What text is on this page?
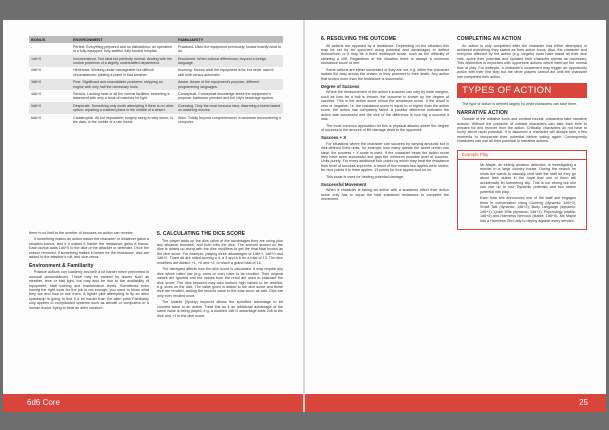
BONUS	ENVIRONMENT	FAMILIARITY
-	Perfect. Everything prepared and no distractions: an operation in a fully-equipped, fully-staffed, fully-funded hospital.	Practised. Used the equipment previously, knows exactly what to do.
1d6+0	Inconvenience. Not ideal but perfectly normal: dealing with the routine problems of a slightly understaffed department.	Encultured. When cultural differences, beyond a foreign language.
2d6+0	Hindrance. Working under manageable but difficult circumstances; piloting a plane in bad weather.	Knowing. Knows what the equipment is for but never used it; skill shift versus automatic.
3d6+0	Poor. Significant and unavoidable problems: stripping an engine with only half the necessary tools.	Aware. Aware of the equipment's purpose, different programming languages.
4d6+0	Serious. Lacking most or all the normal facilities: searching a basement with only a book of matches for light.	Conceptual. Conceptual knowledge about the equipment's purpose; bathroom plumber and the city's sewerage system.
5d6+0	Desperate. Something only worth attempting if there is no other option; repairing a crashed plane in the middle of a desert.	Guessing. Only the most tenuous idea; disarming a bomb based on watching movies.
6d6+0	Catastrophic. All but impossible; surgery using a rusty stone, in the dark, in the middle of a rain forest.	Alien. Totally beyond comprehension; a caveman encountering a computer.

there is no limit to the number of bonuses an action can receive.

If something makes an action easier the character or whatever gains a situation bonus, and if it makes it harder the resistance gains a bonus. Each bonus adds 1d6+0 to the dice of the attacker or defender. Once the reason removed, if something makes it harder for the resistance, dice are added to the attacker's roll, and vice-versa.

Environment & Familiarity

Positive actions can suddenly become a lot harder when performed in unusual circumstances. These may be caused by issues such as weather, time or bad light, but may also be due to the availability of equipment, staff training and maintenance levels. Sometimes even having the right tools for the job is not enough; you need to know what they are and how to use them. A fighter pilot attempting to fly an alien spaceship is going to find it a lot harder than the alien pilot! Familiarity only applies to complicated systems such as aircraft or computers or a human doctor trying to treat an alien creature.

5. CALCULATING THE DICE SCORE

The player adds up the dice value of the advantages they are using plus any situation bonuses, and then rolls the dice. The amount scored on the dice is added up along with the dice modifiers to get the final total known as the dice score. For example, playing three advantages of 1d6+1, 1d6+0 and 1d6+2. Three d6 are rolled scoring a 4, a 3 and a 6 for a total of 13. The dice modifiers are added: +1, +0 and +2, to reach a grand total of 16.

The disregard affects how the dice score is calculated. It may require any dice which rolled low (e.g. ones or one) have to be rerolled. Their original values are ignored and the values from the reroll are used to calculate the dice score. The dice keyword may also instruct high values to be rerolled, e.g. sixes on the dice. The value given is added to the dice score and those dice are rerolled, adding the second value to the total score as well. Dice are only ever rerolled once.

The Usable (Sporty) keyword allows the specified advantage to be counted twice in an action. Treat this as if an additional advantage of the same value is being played, e.g. a doubled 1d6+2 advantage adds 2d6 to the dice and +4 to the dice score.

6d6 Core
6. RESOLVING THE OUTCOME

All actions are opposed by a resistance. Depending on the situation this may be set by an opponent using potential and advantages to deflect themselves, or it may be a fixed resistance score, such as the difficulty of climbing a cliff. Regardless of the situation there is always a minimum resistance score of one.

Some actions are either successful or they are not, e.g. either the character makes the leap across the chasm or they plummet to their death. Any action that scores more than the resistance is successful.

Degree of Success

Where the measurement of the action's success can vary by wide margins, such as how far a ball is thrown, the outcome is shown by the degree of success. This is the action score minus the resistance score. If the result is zero or negative, i.e. the resistance score is equal to or higher than the action score, the action has completely failed. A positive difference indicates the action was successful and the size of the difference is how big a success it was.

The most common application for this is physical attacks where the degree of success is the amount of life damage dealt to the opponent.

Success + X

For situations where the character can succeed by varying amounts but in well-defined fixed units, for example how many quests the street urchin can steal, the success + X scale is used. If the character beats the action score they have been successful and gain the minimum possible level of success. Units purely: For every additional four points by which they beat the resistance their level of success improves. A result of five means two apples were stolen; for nine points it is three apples; 13 points for four apples and so on.

This scale is used for dealing potential damage.

Successful Movement

When a character is taking an action with a sustained effect their action score only has to equal the total sustained resistance to complete the movement.

COMPLETING AN ACTION

An action is only completed after the character has either attempted or achieved everything they stated as their action focus. Also, the character and everyone affected by the action (e.g. targets) must have made all their dice rolls, spent their potential and updated their character sheets as necessary. This distinction is important with opportune actions which interrupt the normal flow of play. For example, a character's movement may trigger an opportunity action with their first step but the other players cannot act until the character has completed their action.

TYPES OF ACTION

The type of action is defined largely by what characters can take them.

NARRATIVE ACTION

Outside of the initiative turns and combat rounds, characters take narrative actions. Without the pressure of combat characters can take their time to prepare for and recover from the action. Critically, characters do not have to worry about rapid potential. It is assumed a character will always take a few moments to recuperate their potential before acting again. Consequently characters can use all their potential in narrative actions.

Example Play

Mr Maple, an elderly amateur detective, is investigating a murder in a large country house. During the search he shuts the wards to casually chat with the staff so they go about their duties in the hope that one of them will accidentally let something slip. This is not strong but she can use up to four Dynamic potential and two stable potential into play.

Each time she announces one of the staff she engages them in conversation using Cunning (dynamic: 1d6+0), Small Talk (dynamic: 1d6+2), Body Language (dynamic: 1d6+1), Quick Wits (dynamic: 1d6+1), Psychology (stable: 1d6+0) and Harmless Nervous (stable: 1d6+0). Ms Maple has a Harmless Old Lady to deploy against every servant.

25
